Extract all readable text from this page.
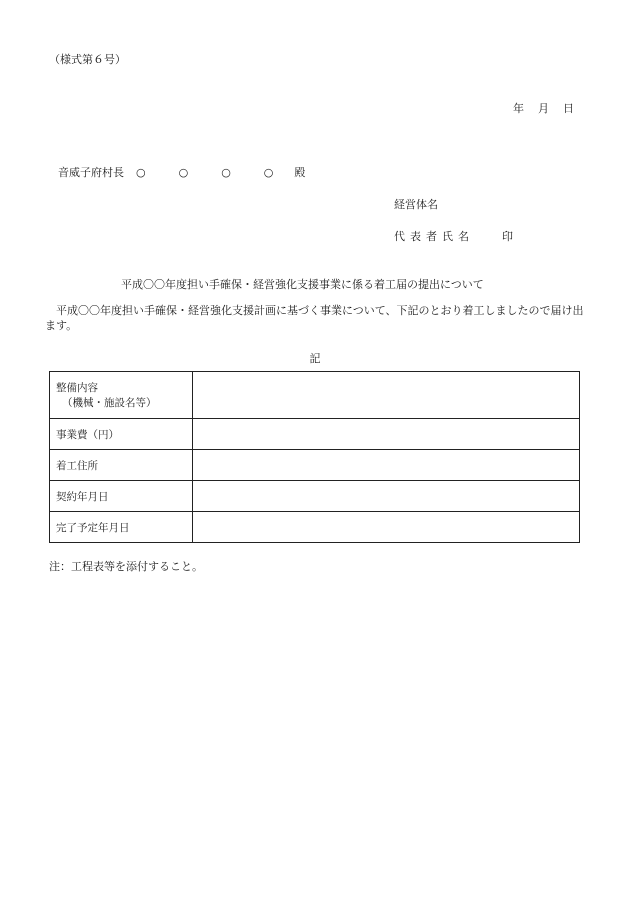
（様式第６号）
年 月 日
音威子府村長 ○　○　○　○ 殿
経営体名
代表者氏名	印
平成〇〇年度担い手確保・経営強化支援事業に係る着工届の提出について
平成〇〇年度担い手確保・経営強化支援計画に基づく事業について、下記のとおり着工しましたので届け出ます。
記
整備内容
（機械・施設名等）	

事業費（円）	
着工住所	
契約年月日	
完了予定年月日	
注：工程表等を添付すること。
